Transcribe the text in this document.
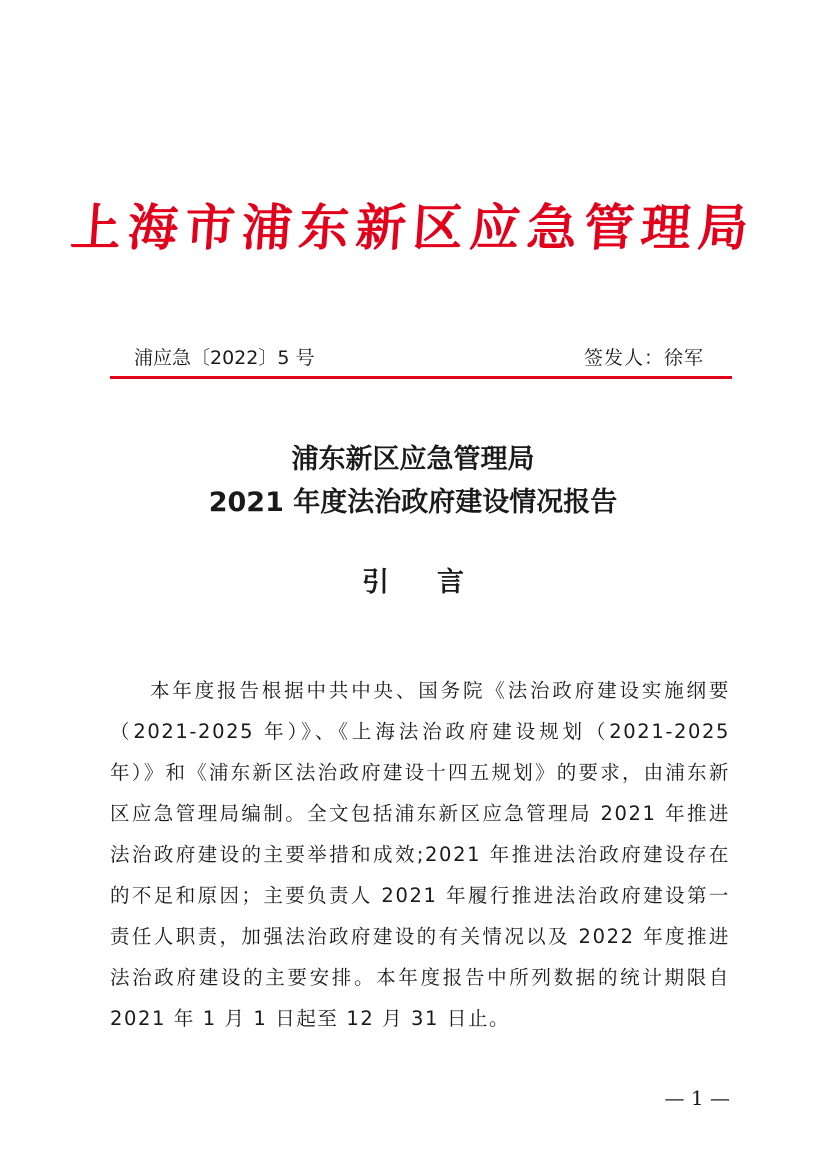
上海市浦东新区应急管理局
浦应急〔2022〕5 号	签发人：徐军
浦东新区应急管理局
2021 年度法治政府建设情况报告
引 言

本年度报告根据中共中央、国务院《法治政府建设实施纲要（2021-2025 年）》、《上海法治政府建设规划（2021-2025 年）》和《浦东新区法治政府建设十四五规划》的要求，由浦东新区应急管理局编制。全文包括浦东新区应急管理局 2021 年推进法治政府建设的主要举措和成效;2021 年推进法治政府建设存在的不足和原因；主要负责人 2021 年履行推进法治政府建设第一责任人职责，加强法治政府建设的有关情况以及 2022 年度推进法治政府建设的主要安排。本年度报告中所列数据的统计期限自 2021 年 1 月 1 日起至 12 月 31 日止。

— 1 —
